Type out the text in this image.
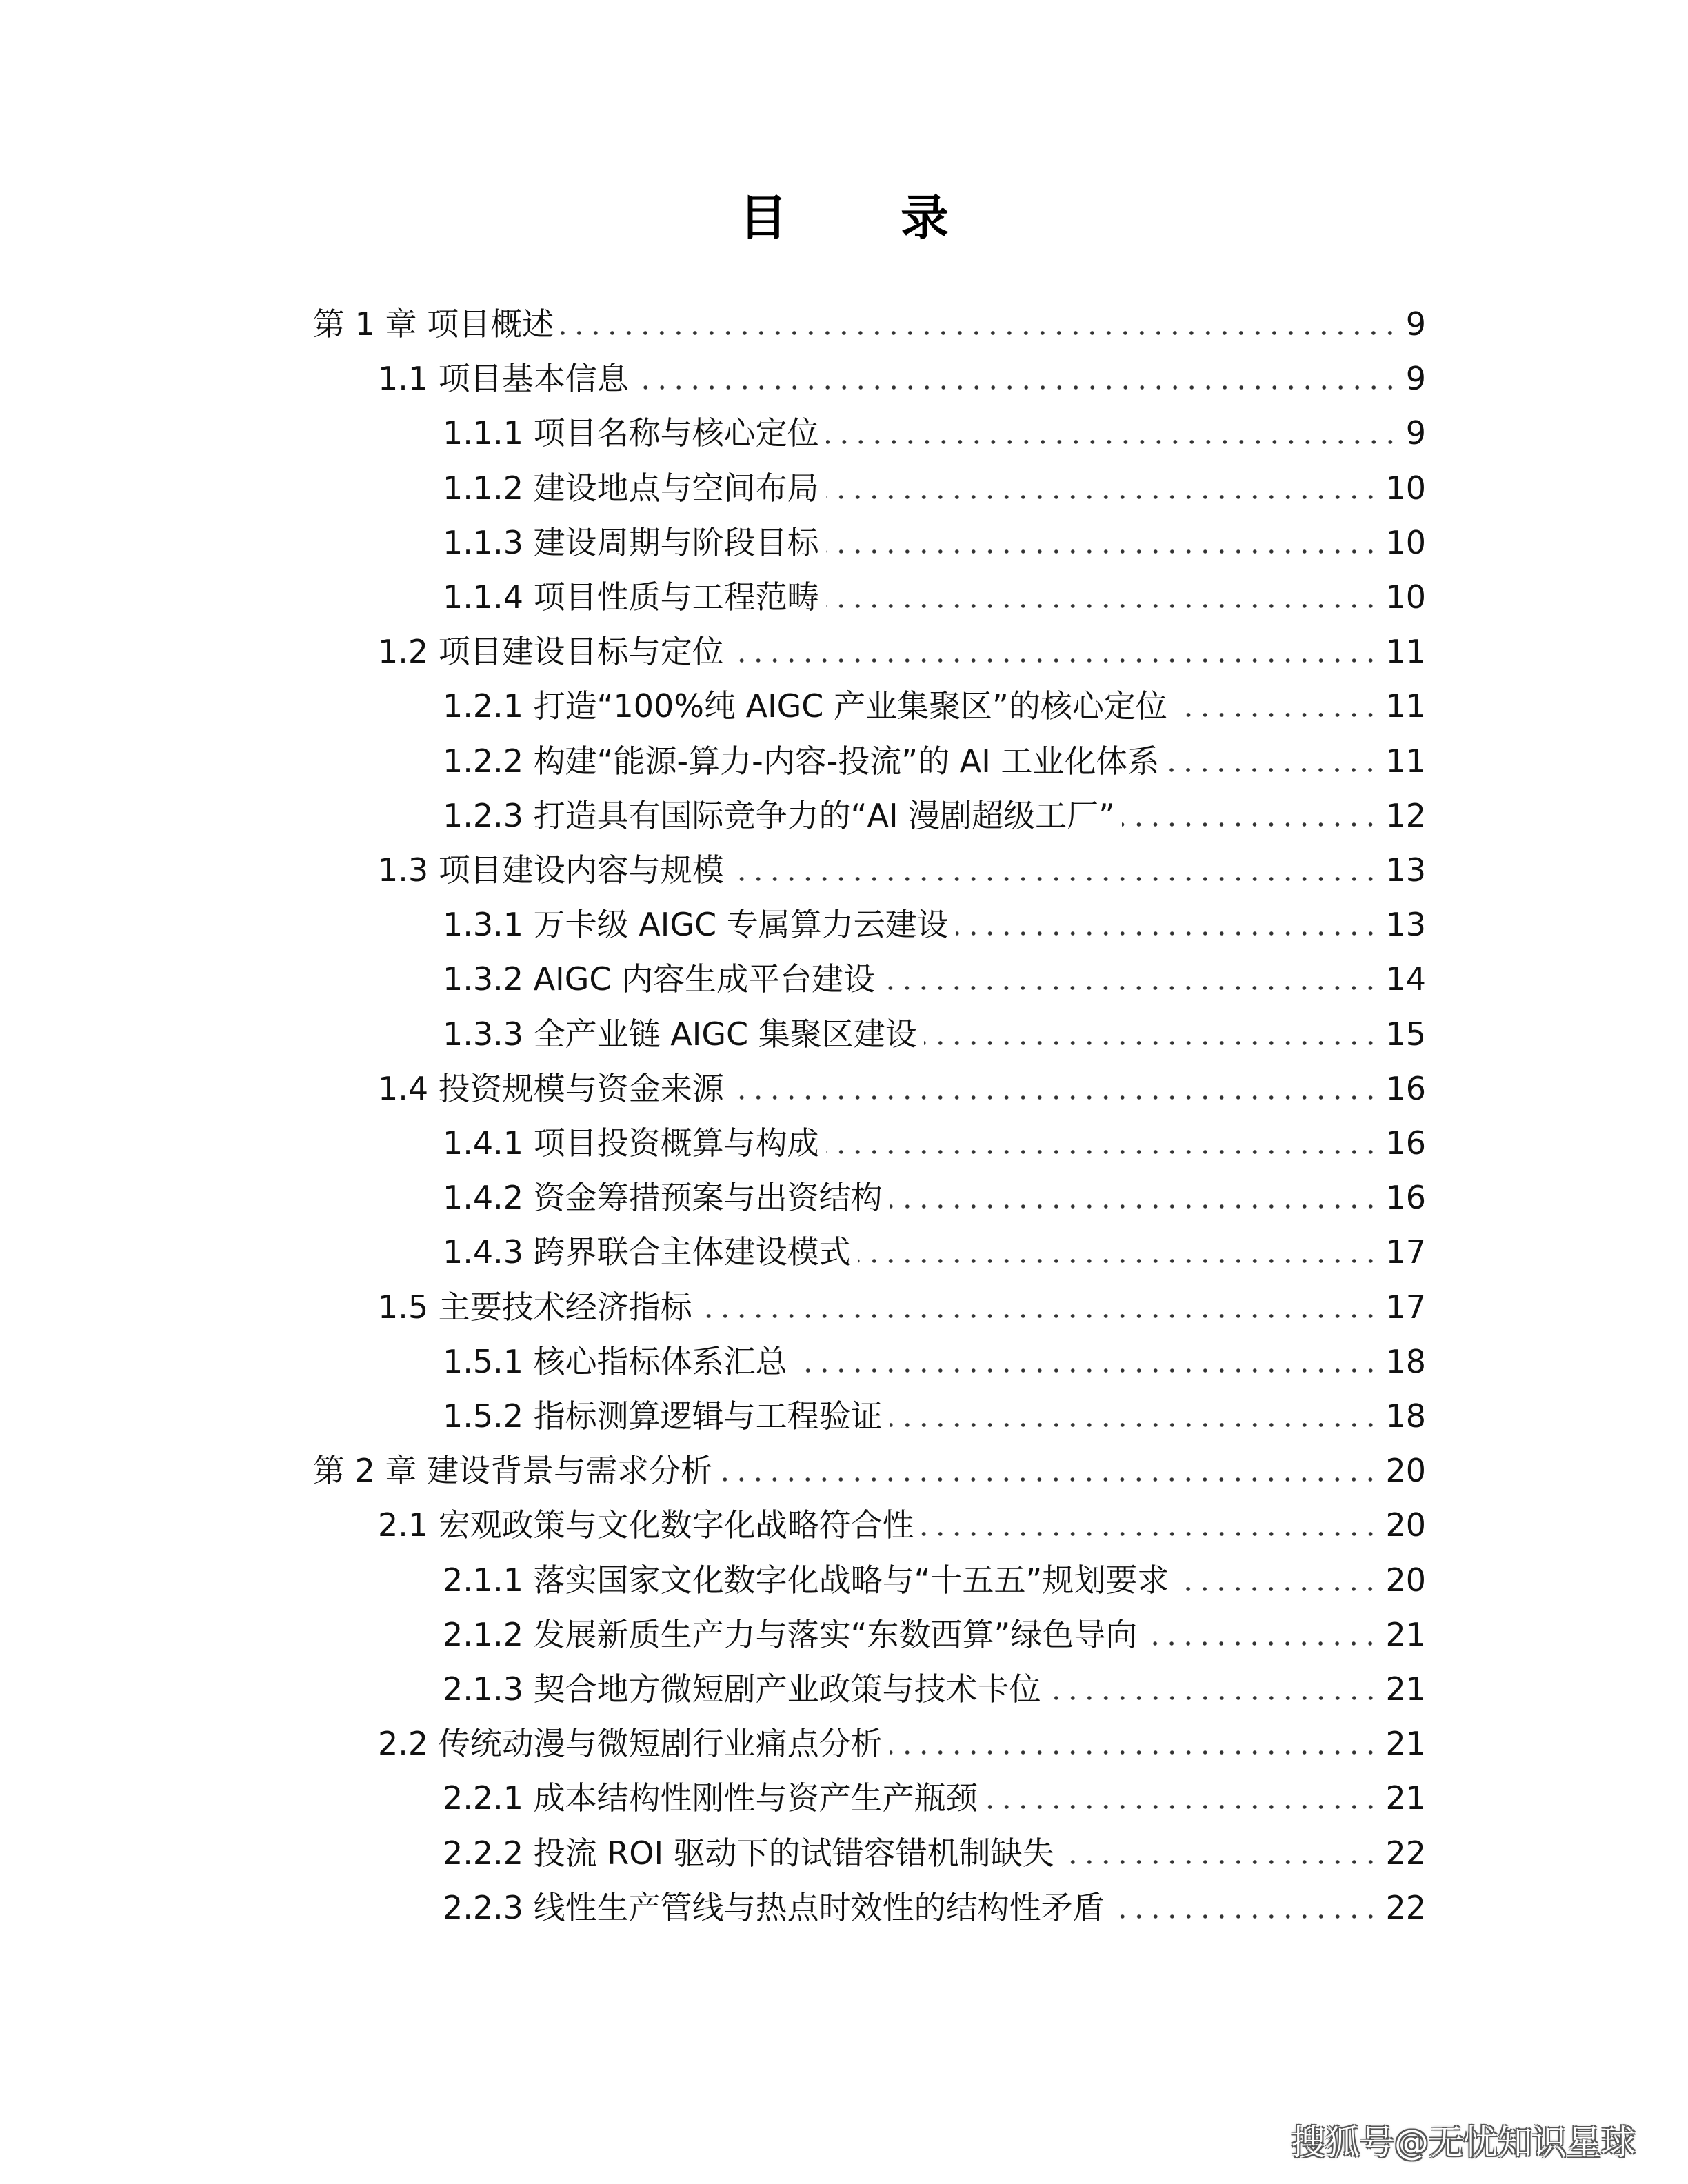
目 录
第 1 章 项目概述	9
1.1 项目基本信息	9
1.1.1 项目名称与核心定位	9
1.1.2 建设地点与空间布局	10
1.1.3 建设周期与阶段目标	10
1.1.4 项目性质与工程范畴	10
1.2 项目建设目标与定位	11
1.2.1 打造“100%纯 AIGC 产业集聚区”的核心定位	11
1.2.2 构建“能源-算力-内容-投流”的 AI 工业化体系	11
1.2.3 打造具有国际竞争力的“AI 漫剧超级工厂”	12
1.3 项目建设内容与规模	13
1.3.1 万卡级 AIGC 专属算力云建设	13
1.3.2 AIGC 内容生成平台建设	14
1.3.3 全产业链 AIGC 集聚区建设	15
1.4 投资规模与资金来源	16
1.4.1 项目投资概算与构成	16
1.4.2 资金筹措预案与出资结构	16
1.4.3 跨界联合主体建设模式	17
1.5 主要技术经济指标	17
1.5.1 核心指标体系汇总	18
1.5.2 指标测算逻辑与工程验证	18
第 2 章 建设背景与需求分析	20
2.1 宏观政策与文化数字化战略符合性	20
2.1.1 落实国家文化数字化战略与“十五五”规划要求	20
2.1.2 发展新质生产力与落实“东数西算”绿色导向	21
2.1.3 契合地方微短剧产业政策与技术卡位	21
2.2 传统动漫与微短剧行业痛点分析	21
2.2.1 成本结构性刚性与资产生产瓶颈	21
2.2.2 投流 ROI 驱动下的试错容错机制缺失	22
2.2.3 线性生产管线与热点时效性的结构性矛盾	22
搜狐号@无忧知识星球
